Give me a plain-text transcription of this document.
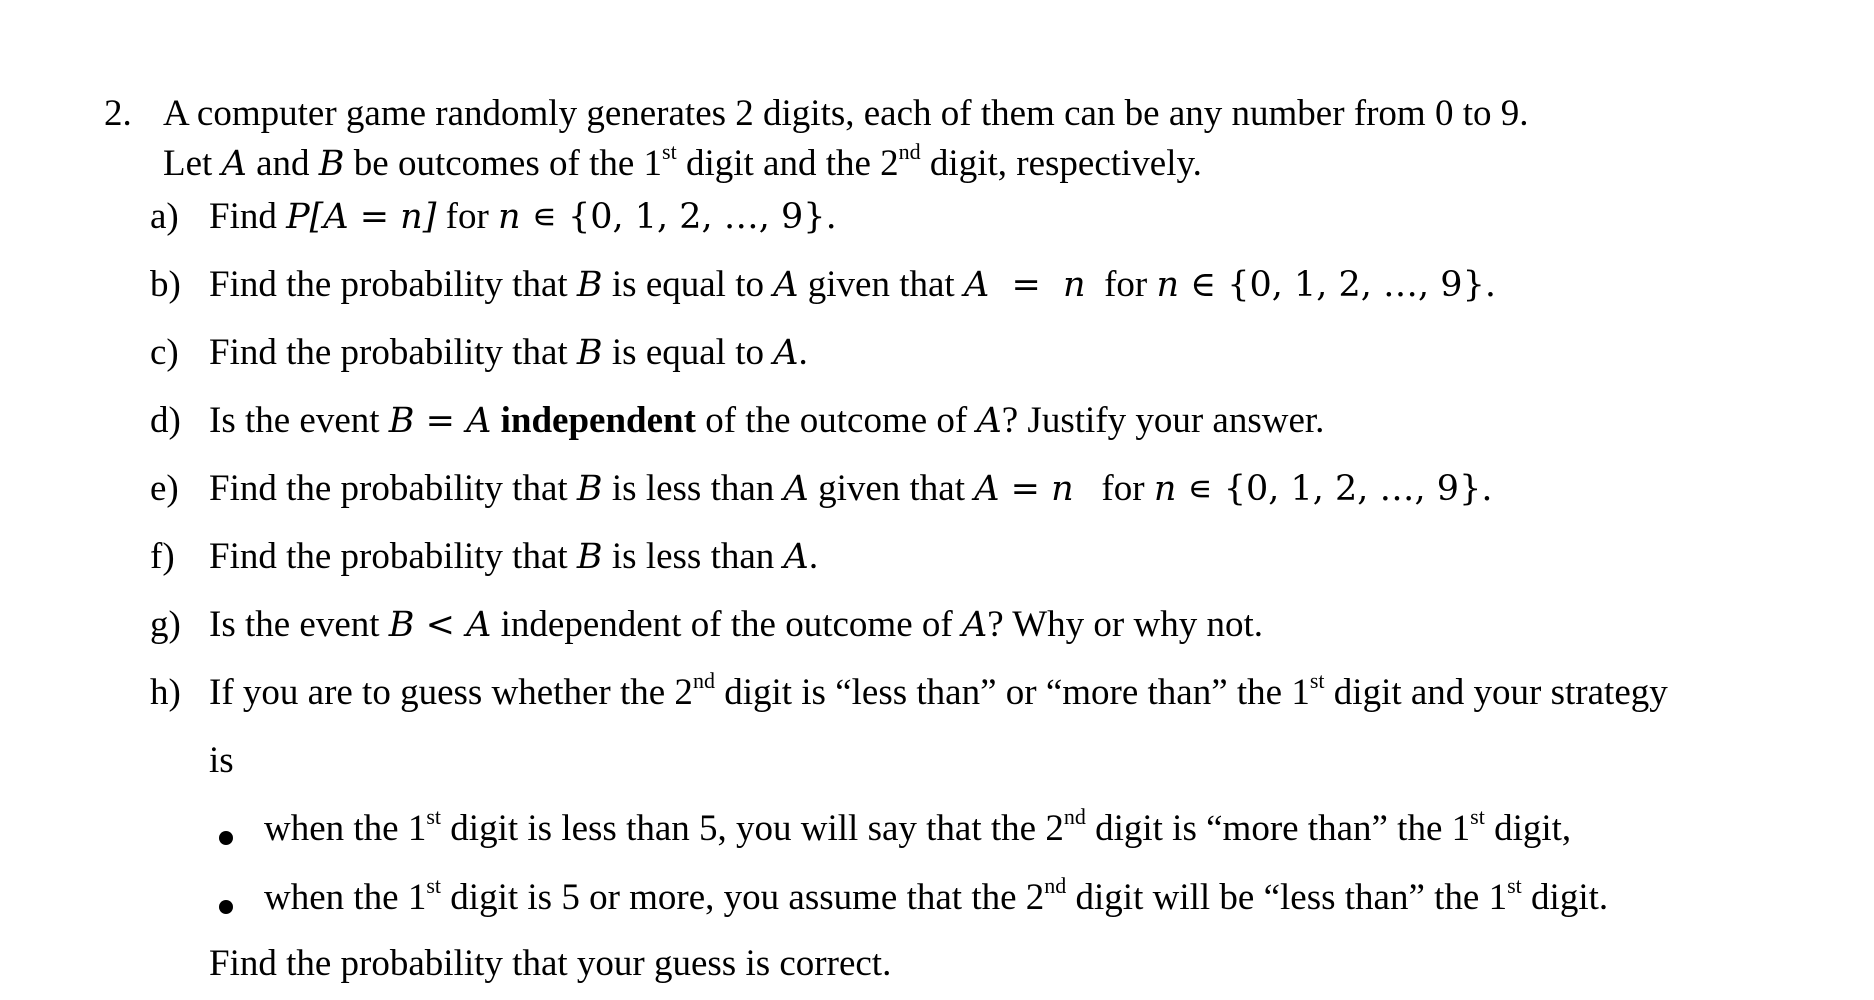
2. A computer game randomly generates 2 digits, each of them can be any number from 0 to 9.
Let A and B be outcomes of the 1st digit and the 2nd digit, respectively.
a) Find P[A = n] for n ∊ {0, 1, 2, …, 9}.
b) Find the probability that B is equal to A given that A  =  n  for n ∈ {0, 1, 2, …, 9}.
c) Find the probability that B is equal to A.
d) Is the event B = A independent of the outcome of A? Justify your answer.
e) Find the probability that B is less than A given that A = n   for n ∊ {0, 1, 2, …, 9}.
f) Find the probability that B is less than A.
g) Is the event B < A independent of the outcome of A? Why or why not.
h) If you are to guess whether the 2nd digit is “less than” or “more than” the 1st digit and your strategy
is
when the 1st digit is less than 5, you will say that the 2nd digit is “more than” the 1st digit,
when the 1st digit is 5 or more, you assume that the 2nd digit will be “less than” the 1st digit.
Find the probability that your guess is correct.
